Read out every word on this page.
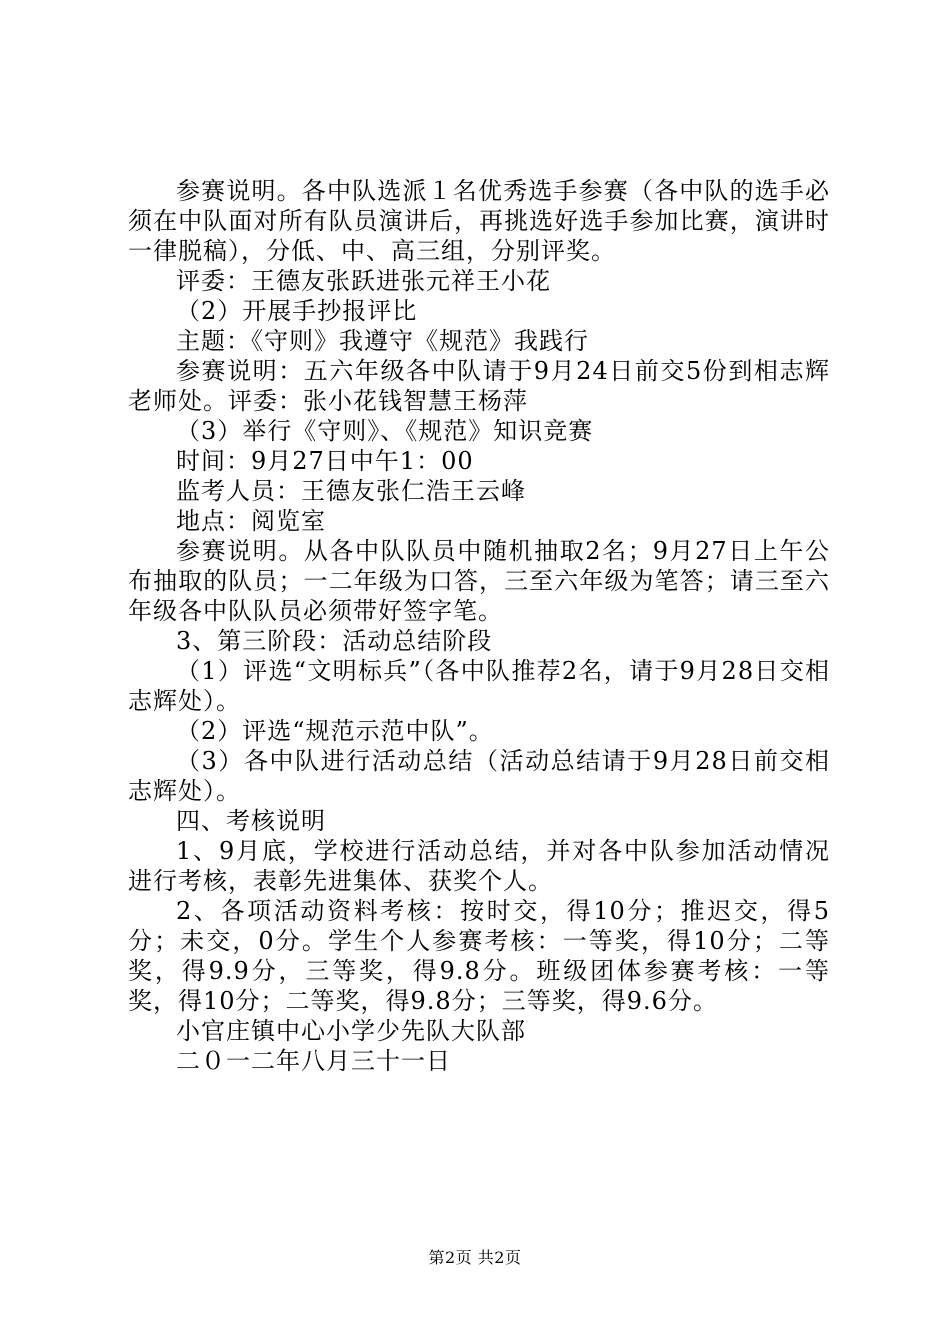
参赛说明。各中队选派１名优秀选手参赛（各中队的选手必须在中队面对所有队员演讲后，再挑选好选手参加比赛，演讲时一律脱稿），分低、中、高三组，分别评奖。

评委：王德友张跃进张元祥王小花

（2）开展手抄报评比

主题：《守则》我遵守《规范》我践行

参赛说明：五六年级各中队请于9月24日前交5份到相志辉老师处。评委：张小花钱智慧王杨萍

（3）举行《守则》、《规范》知识竞赛

时间：9月27日中午1：00

监考人员：王德友张仁浩王云峰

地点：阅览室

参赛说明。从各中队队员中随机抽取2名；9月27日上午公布抽取的队员；一二年级为口答，三至六年级为笔答；请三至六年级各中队队员必须带好签字笔。

3、第三阶段：活动总结阶段

（1）评选“文明标兵”（各中队推荐2名，请于9月28日交相志辉处）。

（2）评选“规范示范中队”。

（3）各中队进行活动总结（活动总结请于9月28日前交相志辉处）。

四、考核说明

1、9月底，学校进行活动总结，并对各中队参加活动情况进行考核，表彰先进集体、获奖个人。

2、各项活动资料考核：按时交，得10分；推迟交，得5分；未交，0分。学生个人参赛考核：一等奖，得10分；二等奖，得9.9分，三等奖，得9.8分。班级团体参赛考核：一等奖，得10分；二等奖，得9.8分；三等奖，得9.6分。

小官庄镇中心小学少先队大队部

二０一二年八月三十一日

第2页 共2页
